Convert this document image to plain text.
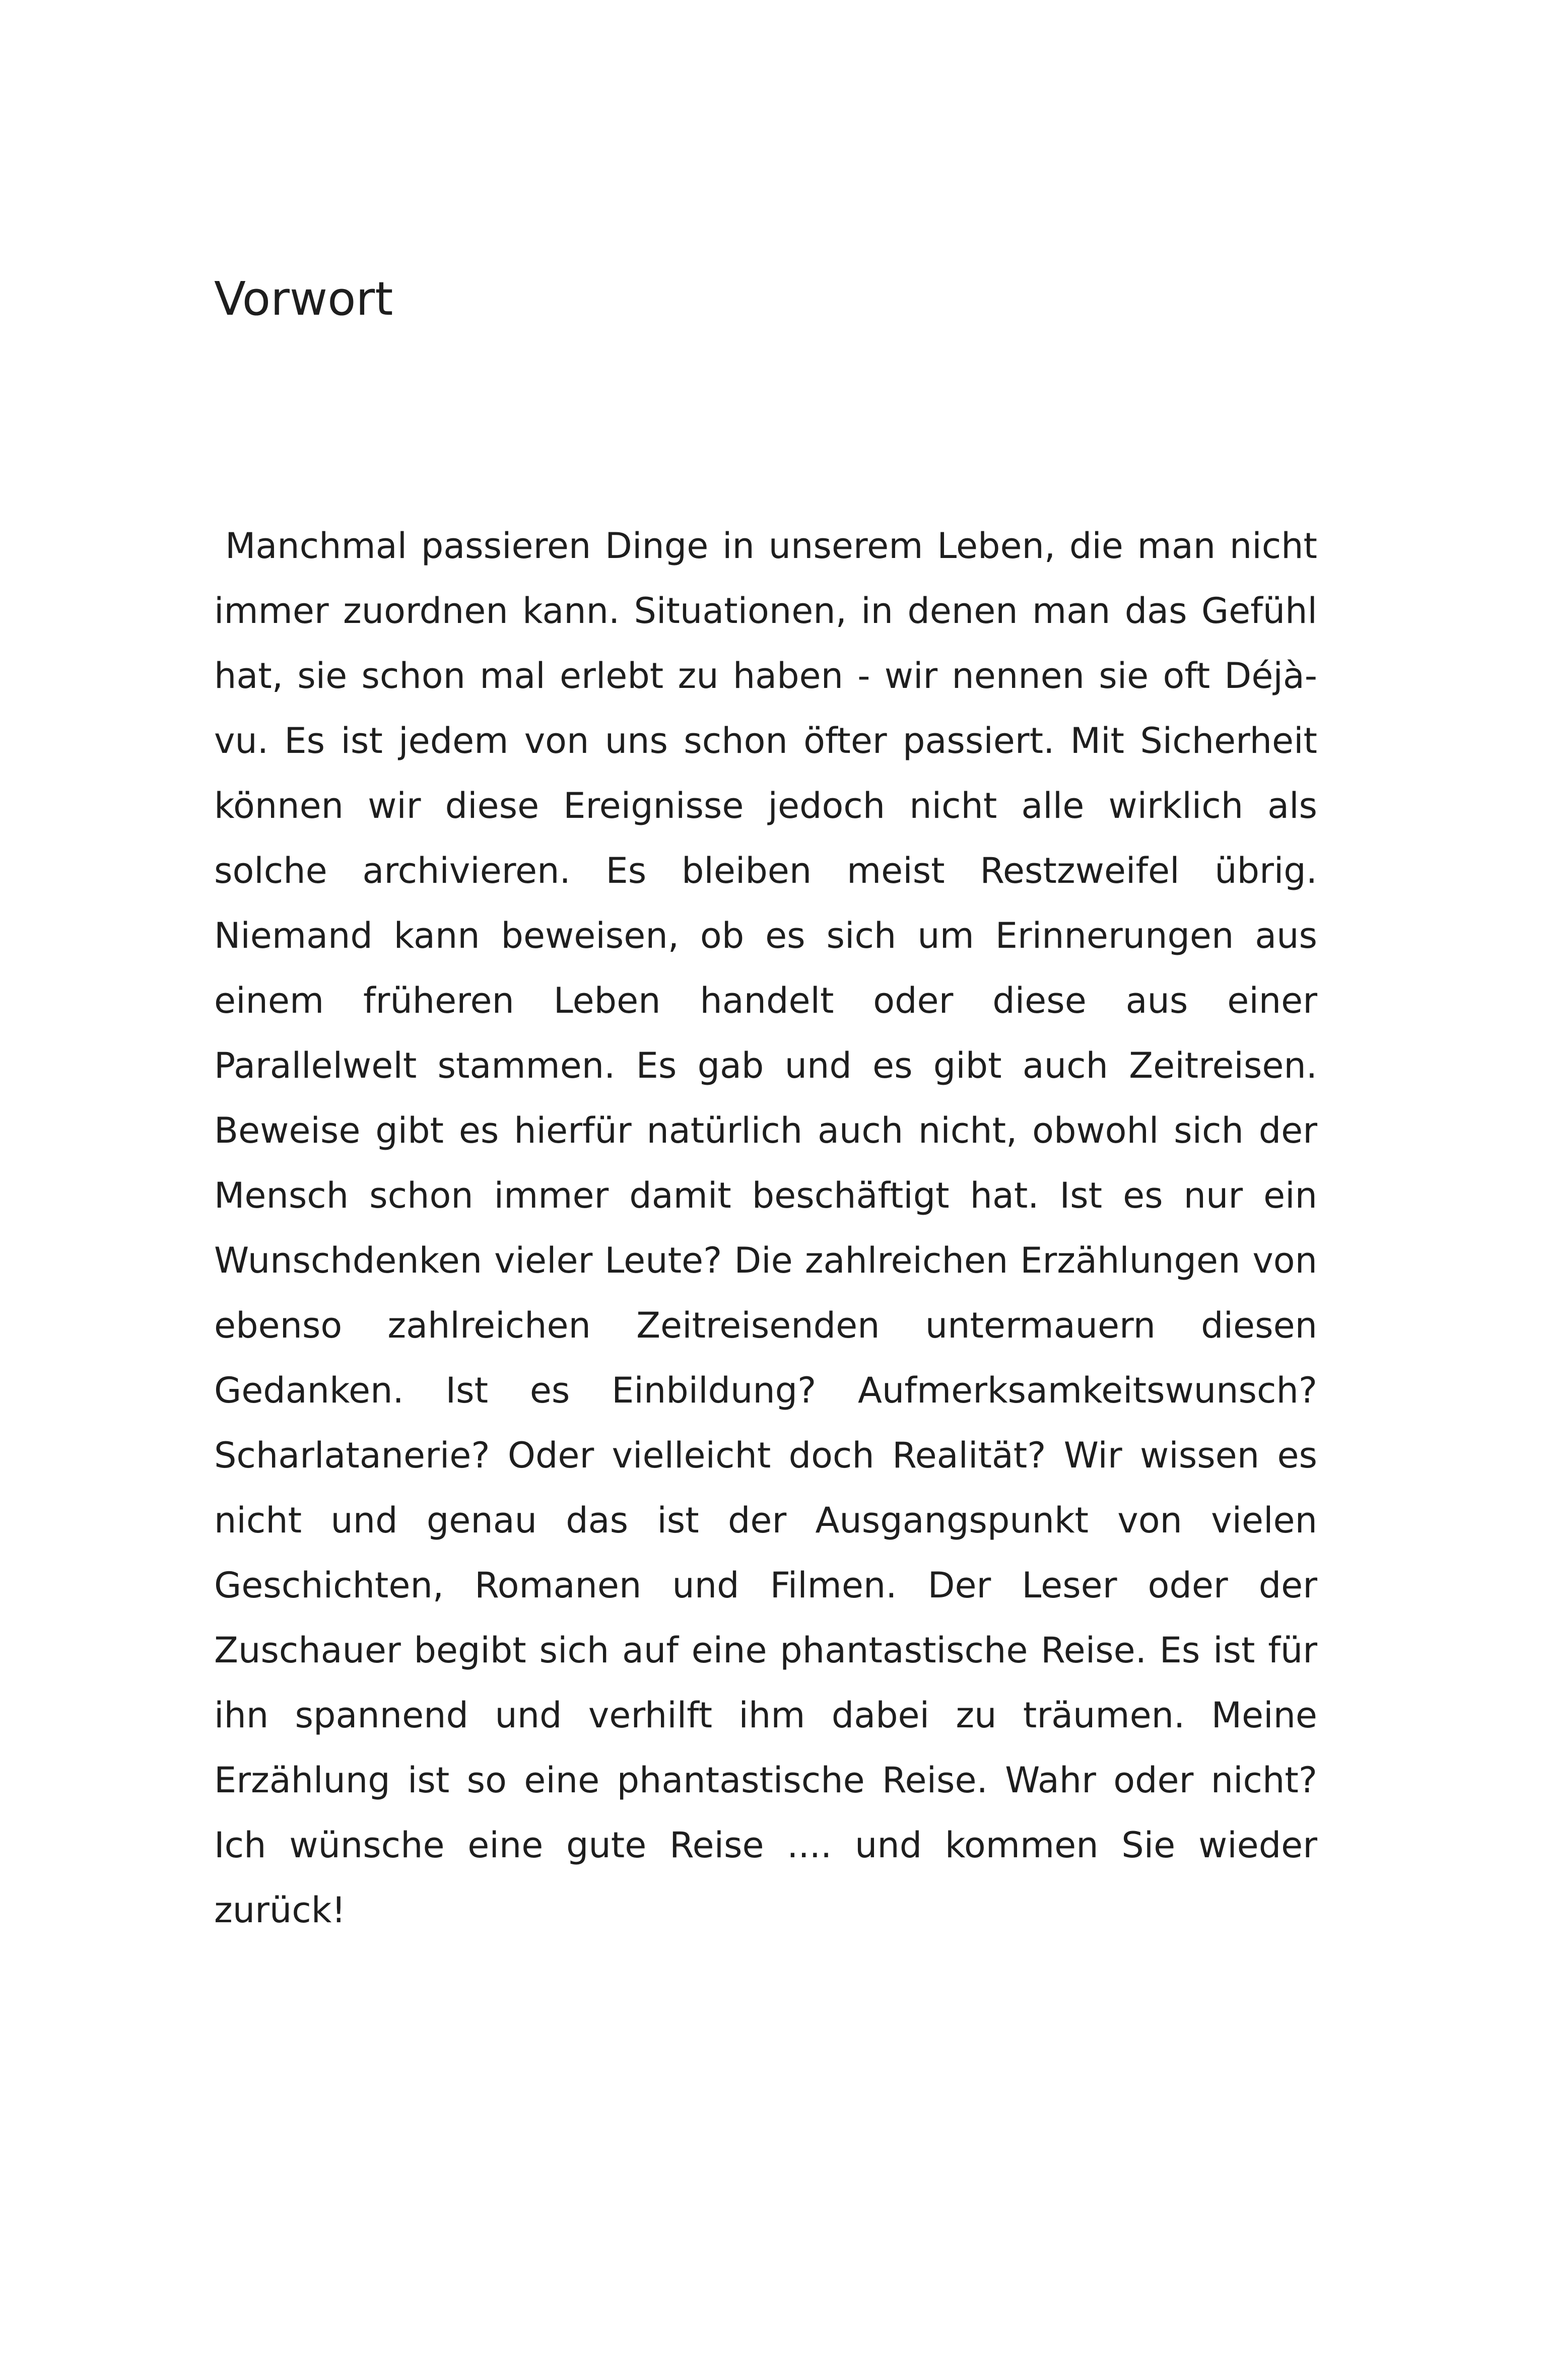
Vorwort

Manchmal passieren Dinge in unserem Leben, die man nicht immer zuordnen kann. Situationen, in denen man das Gefühl hat, sie schon mal erlebt zu haben - wir nennen sie oft Déjà-vu. Es ist jedem von uns schon öfter passiert. Mit Sicherheit können wir diese Ereignisse jedoch nicht alle wirklich als solche archivieren. Es bleiben meist Restzweifel übrig. Niemand kann beweisen, ob es sich um Erinnerungen aus einem früheren Leben handelt oder diese aus einer Parallelwelt stammen. Es gab und es gibt auch Zeitreisen. Beweise gibt es hierfür natürlich auch nicht, obwohl sich der Mensch schon immer damit beschäftigt hat. Ist es nur ein Wunschdenken vieler Leute? Die zahlreichen Erzählungen von ebenso zahlreichen Zeitreisenden untermauern diesen Gedanken. Ist es Einbildung? Aufmerksamkeitswunsch? Scharlatanerie? Oder vielleicht doch Realität? Wir wissen es nicht und genau das ist der Ausgangspunkt von vielen Geschichten, Romanen und Filmen. Der Leser oder der Zuschauer begibt sich auf eine phantastische Reise. Es ist für ihn spannend und verhilft ihm dabei zu träumen. Meine Erzählung ist so eine phantastische Reise. Wahr oder nicht? Ich wünsche eine gute Reise .... und kommen Sie wieder zurück!
